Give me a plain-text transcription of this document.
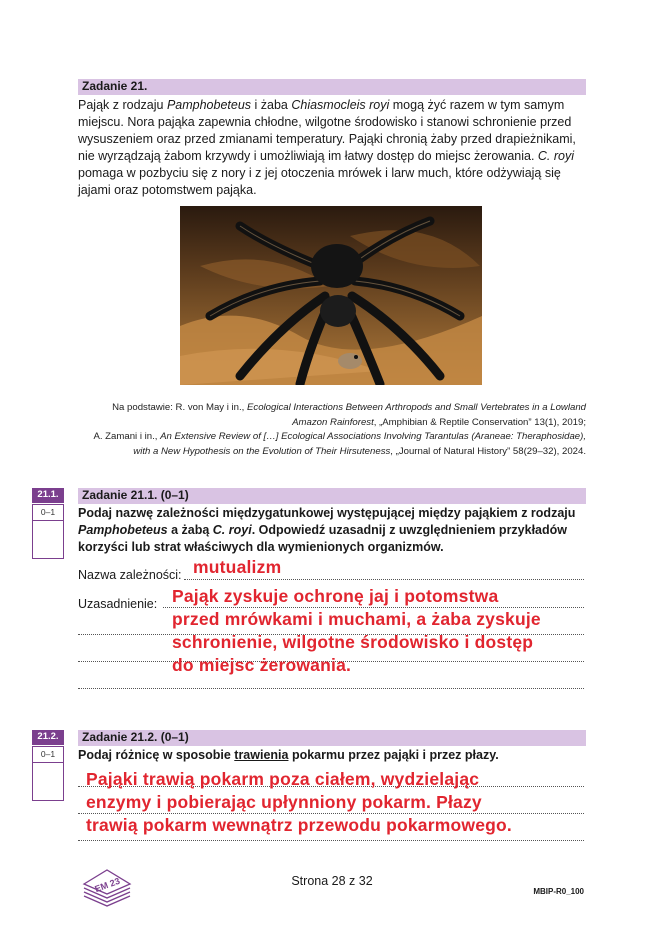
Zadanie 21.
Pająk z rodzaju Pamphobeteus i żaba Chiasmocleis royi mogą żyć razem w tym samym miejscu. Nora pająka zapewnia chłodne, wilgotne środowisko i stanowi schronienie przed wysuszeniem oraz przed zmianami temperatury. Pająki chronią żaby przed drapieżnikami, nie wyrządzają żabom krzywdy i umożliwiają im łatwy dostęp do miejsc żerowania. C. royi pomaga w pozbyciu się z nory i z jej otoczenia mrówek i larw much, które odżywiają się jajami oraz potomstwem pająka.
Na podstawie: R. von May i in., Ecological Interactions Between Arthropods and Small Vertebrates in a Lowland Amazon Rainforest, „Amphibian & Reptile Conservation” 13(1), 2019;
A. Zamani i in., An Extensive Review of […] Ecological Associations Involving Tarantulas (Araneae: Theraphosidae), with a New Hypothesis on the Evolution of Their Hirsuteness, „Journal of Natural History” 58(29–32), 2024.
21.1.
0–1
Zadanie 21.1. (0–1)
Podaj nazwę zależności międzygatunkowej występującej między pająkiem z rodzaju Pamphobeteus a żabą C. royi. Odpowiedź uzasadnij z uwzględnieniem przykładów korzyści lub strat właściwych dla wymienionych organizmów.
Nazwa zależności: mutualizm
Uzasadnienie: Pająk zyskuje ochronę jaj i potomstwa
przed mrówkami i muchami, a żaba zyskuje
schronienie, wilgotne środowisko i dostęp
do miejsc żerowania.
21.2.
0–1
Zadanie 21.2. (0–1)
Podaj różnicę w sposobie trawienia pokarmu przez pająki i przez płazy.
Pająki trawią pokarm poza ciałem, wydzielając
enzymy i pobierając upłynniony pokarm. Płazy
trawią pokarm wewnątrz przewodu pokarmowego.
EM 23	Strona 28 z 32
MBIP-R0_100
